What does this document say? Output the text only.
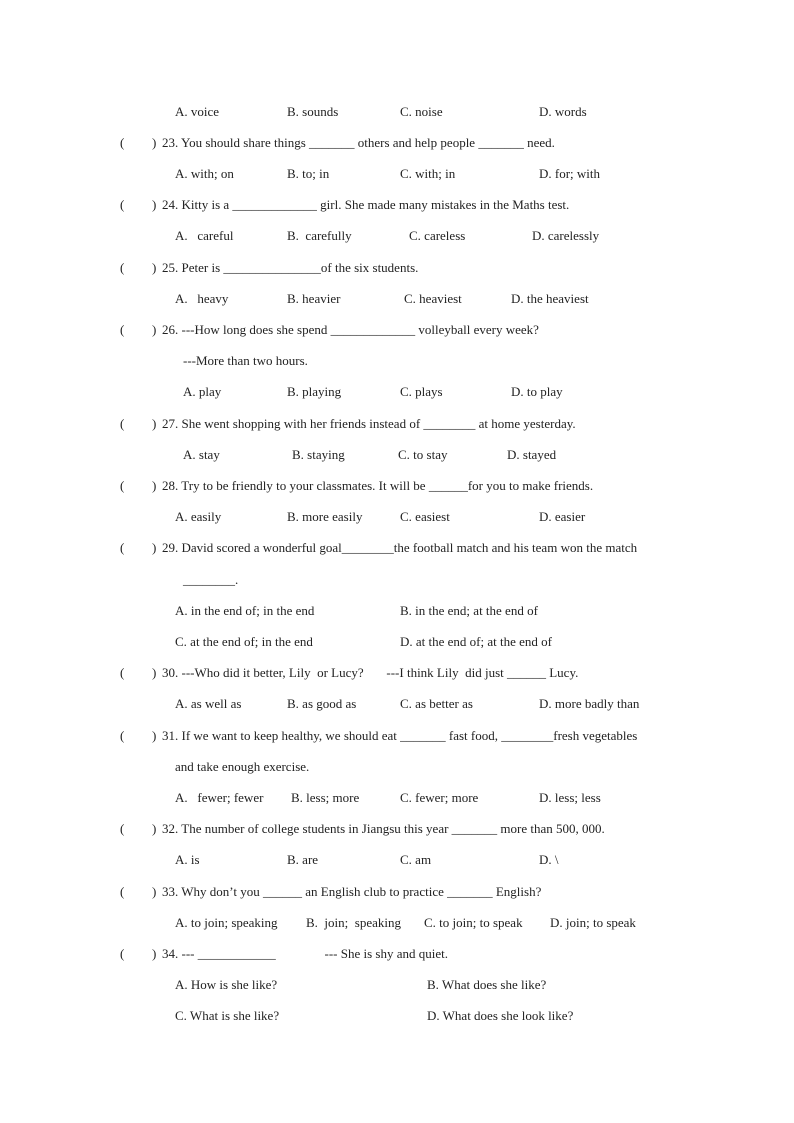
A. voice	B. sounds	C. noise	D. words
( ) 23. You should share things _______ others and help people _______ need.
A. with; on	B. to; in	C. with; in	D. for; with
( ) 24. Kitty is a _____________ girl. She made many mistakes in the Maths test.
A.   careful	B.  carefully	C. careless	D. carelessly
( ) 25. Peter is _______________of the six students.
A.   heavy	B. heavier	C. heaviest	D. the heaviest
( ) 26. ---How long does she spend _____________ volleyball every week?
---More than two hours.
A. play	B. playing	C. plays	D. to play
( ) 27. She went shopping with her friends instead of ________ at home yesterday.
A. stay	B. staying	C. to stay	D. stayed
( ) 28. Try to be friendly to your classmates. It will be ______for you to make friends.
A. easily	B. more easily	C. easiest	D. easier
( ) 29. David scored a wonderful goal________the football match and his team won the match
________.
A. in the end of; in the end	B. in the end; at the end of
C. at the end of; in the end	D. at the end of; at the end of
( ) 30. ---Who did it better, Lily  or Lucy?       ---I think Lily  did just ______ Lucy.
A. as well as	B. as good as	C. as better as	D. more badly than
( ) 31. If we want to keep healthy, we should eat _______ fast food, ________fresh vegetables
and take enough exercise.
A.   fewer; fewer B. less; more	C. fewer; more	D. less; less
( ) 32. The number of college students in Jiangsu this year _______ more than 500, 000.
A. is	B. are	C. am	D. \
( ) 33. Why don’t you ______ an English club to practice _______ English?
A. to join; speaking B.  join;  speaking C. to join; to speak D. join; to speak
( ) 34. --- ____________               --- She is shy and quiet.
A. How is she like?	B. What does she like?
C. What is she like?	D. What does she look like?
